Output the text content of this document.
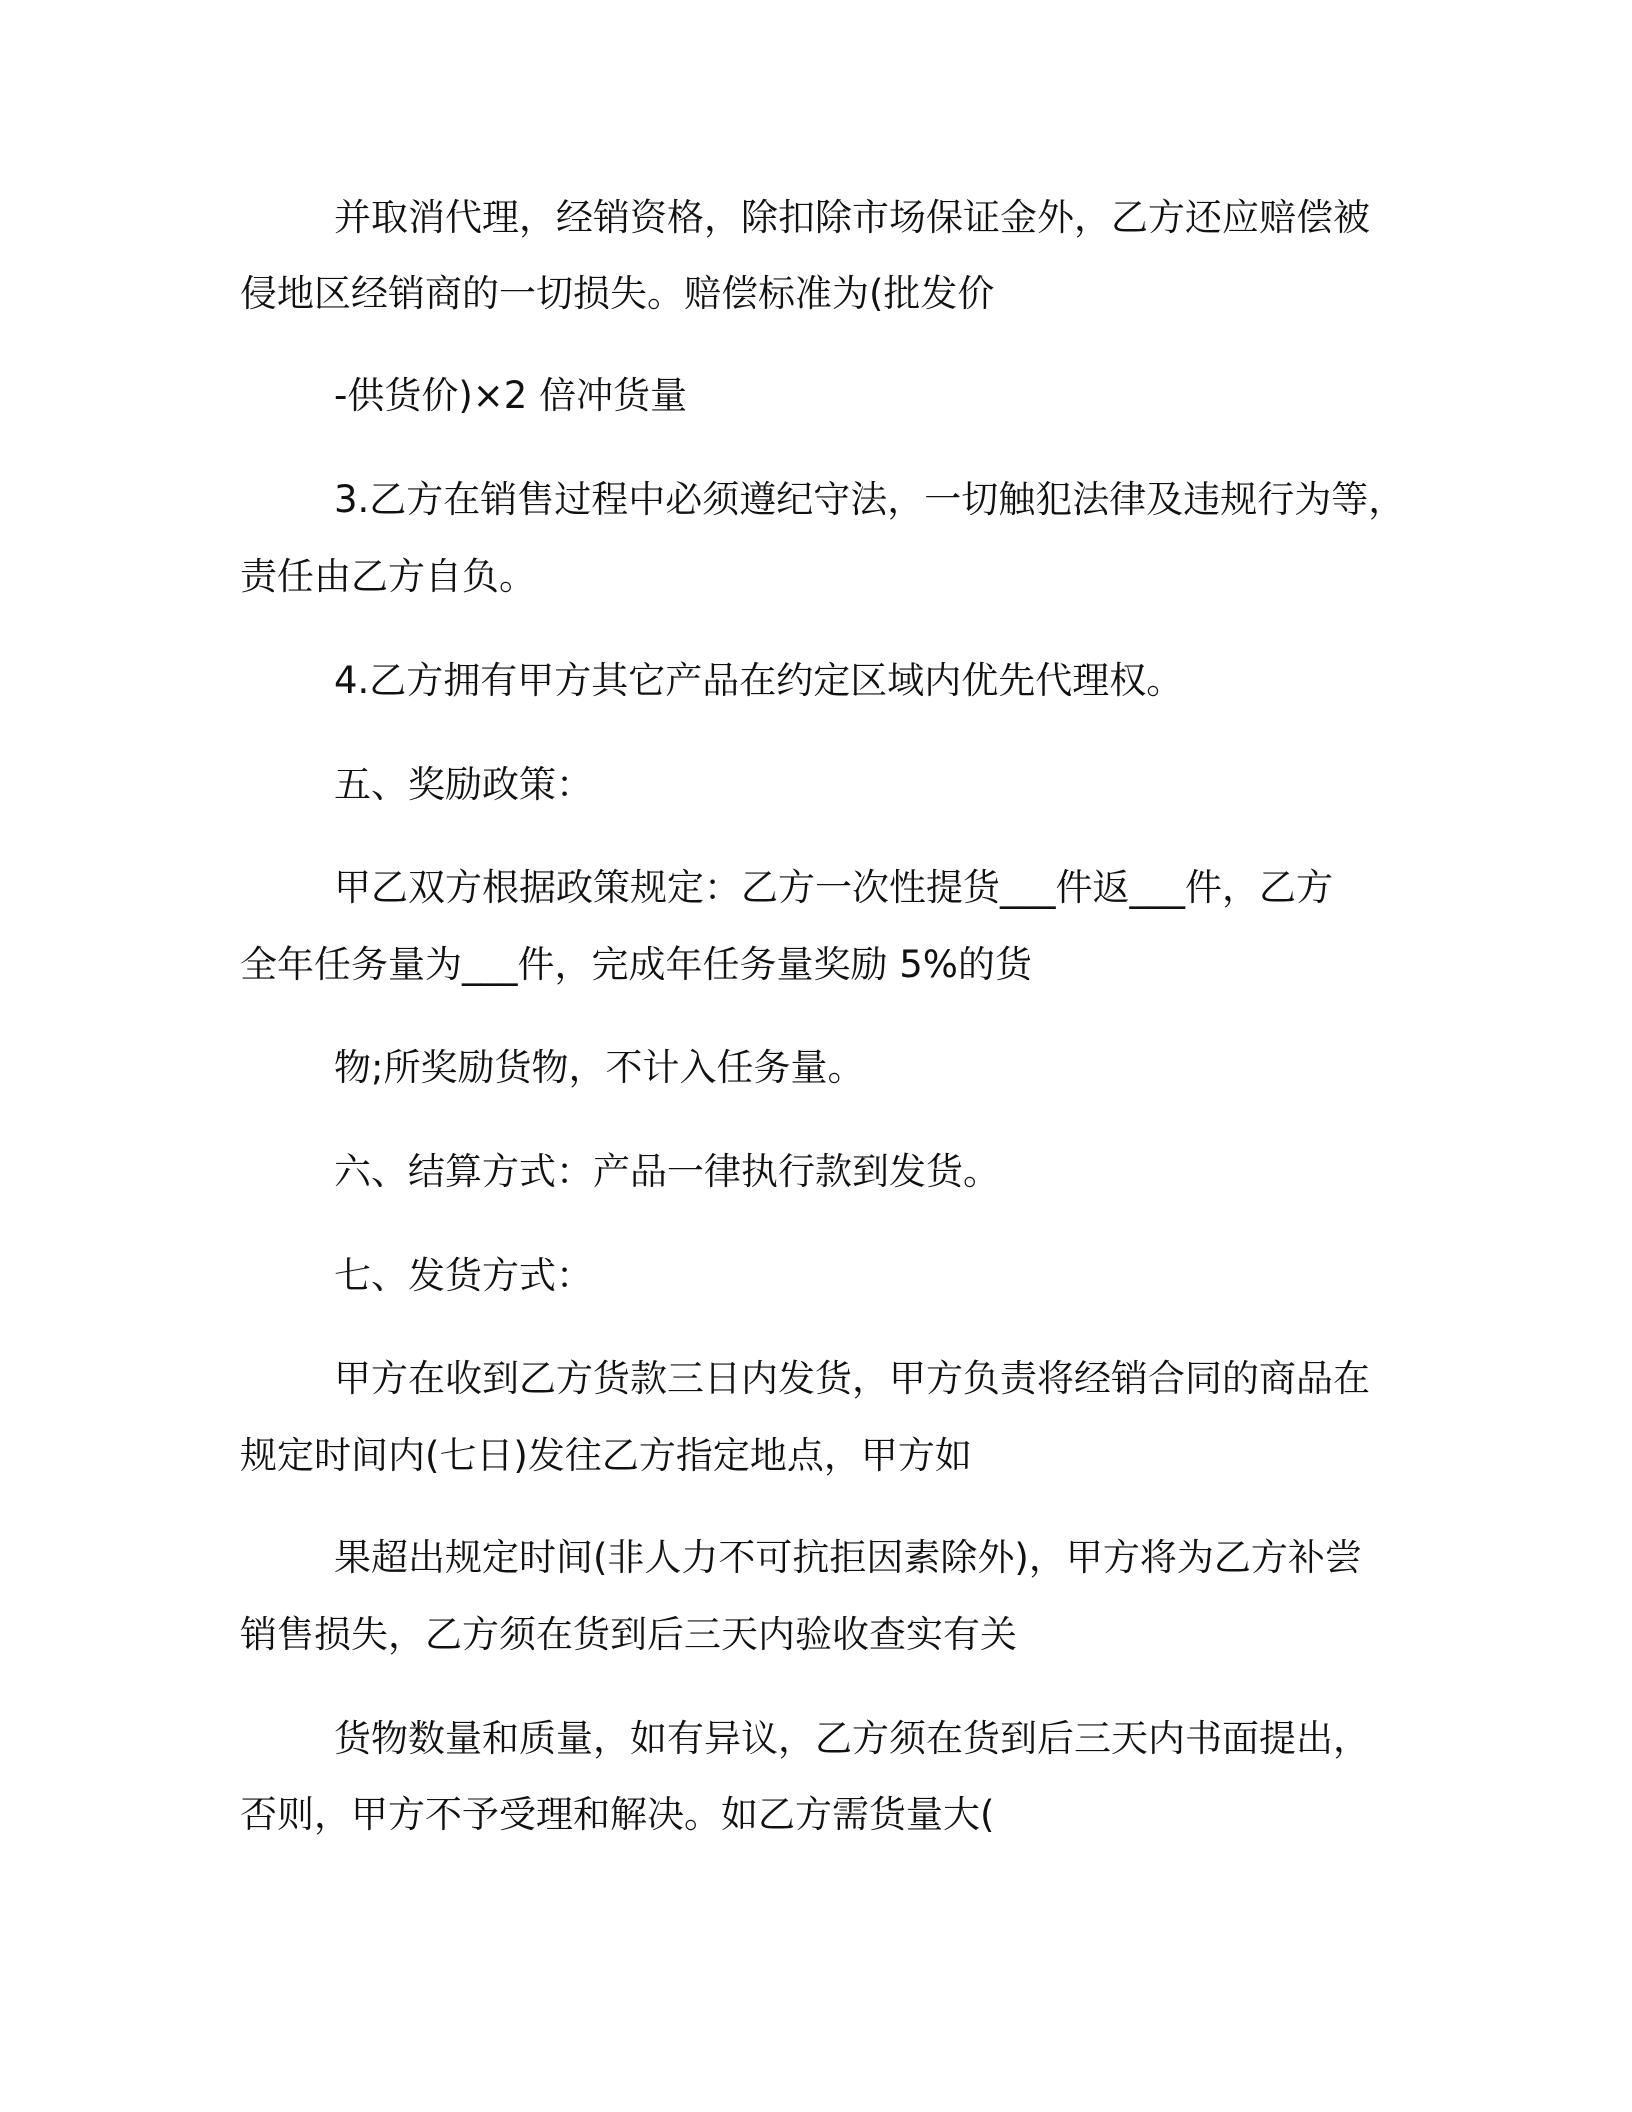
并取消代理，经销资格，除扣除市场保证金外，乙方还应赔偿被
侵地区经销商的一切损失。赔偿标准为(批发价
-供货价)×2 倍冲货量
3.乙方在销售过程中必须遵纪守法，一切触犯法律及违规行为等，
责任由乙方自负。
4.乙方拥有甲方其它产品在约定区域内优先代理权。
五、奖励政策：
甲乙双方根据政策规定：乙方一次性提货___件返___件，乙方
全年任务量为___件，完成年任务量奖励 5%的货
物;所奖励货物，不计入任务量。
六、结算方式：产品一律执行款到发货。
七、发货方式：
甲方在收到乙方货款三日内发货，甲方负责将经销合同的商品在
规定时间内(七日)发往乙方指定地点，甲方如
果超出规定时间(非人力不可抗拒因素除外)，甲方将为乙方补尝
销售损失，乙方须在货到后三天内验收查实有关
货物数量和质量，如有异议，乙方须在货到后三天内书面提出，
否则，甲方不予受理和解决。如乙方需货量大(
